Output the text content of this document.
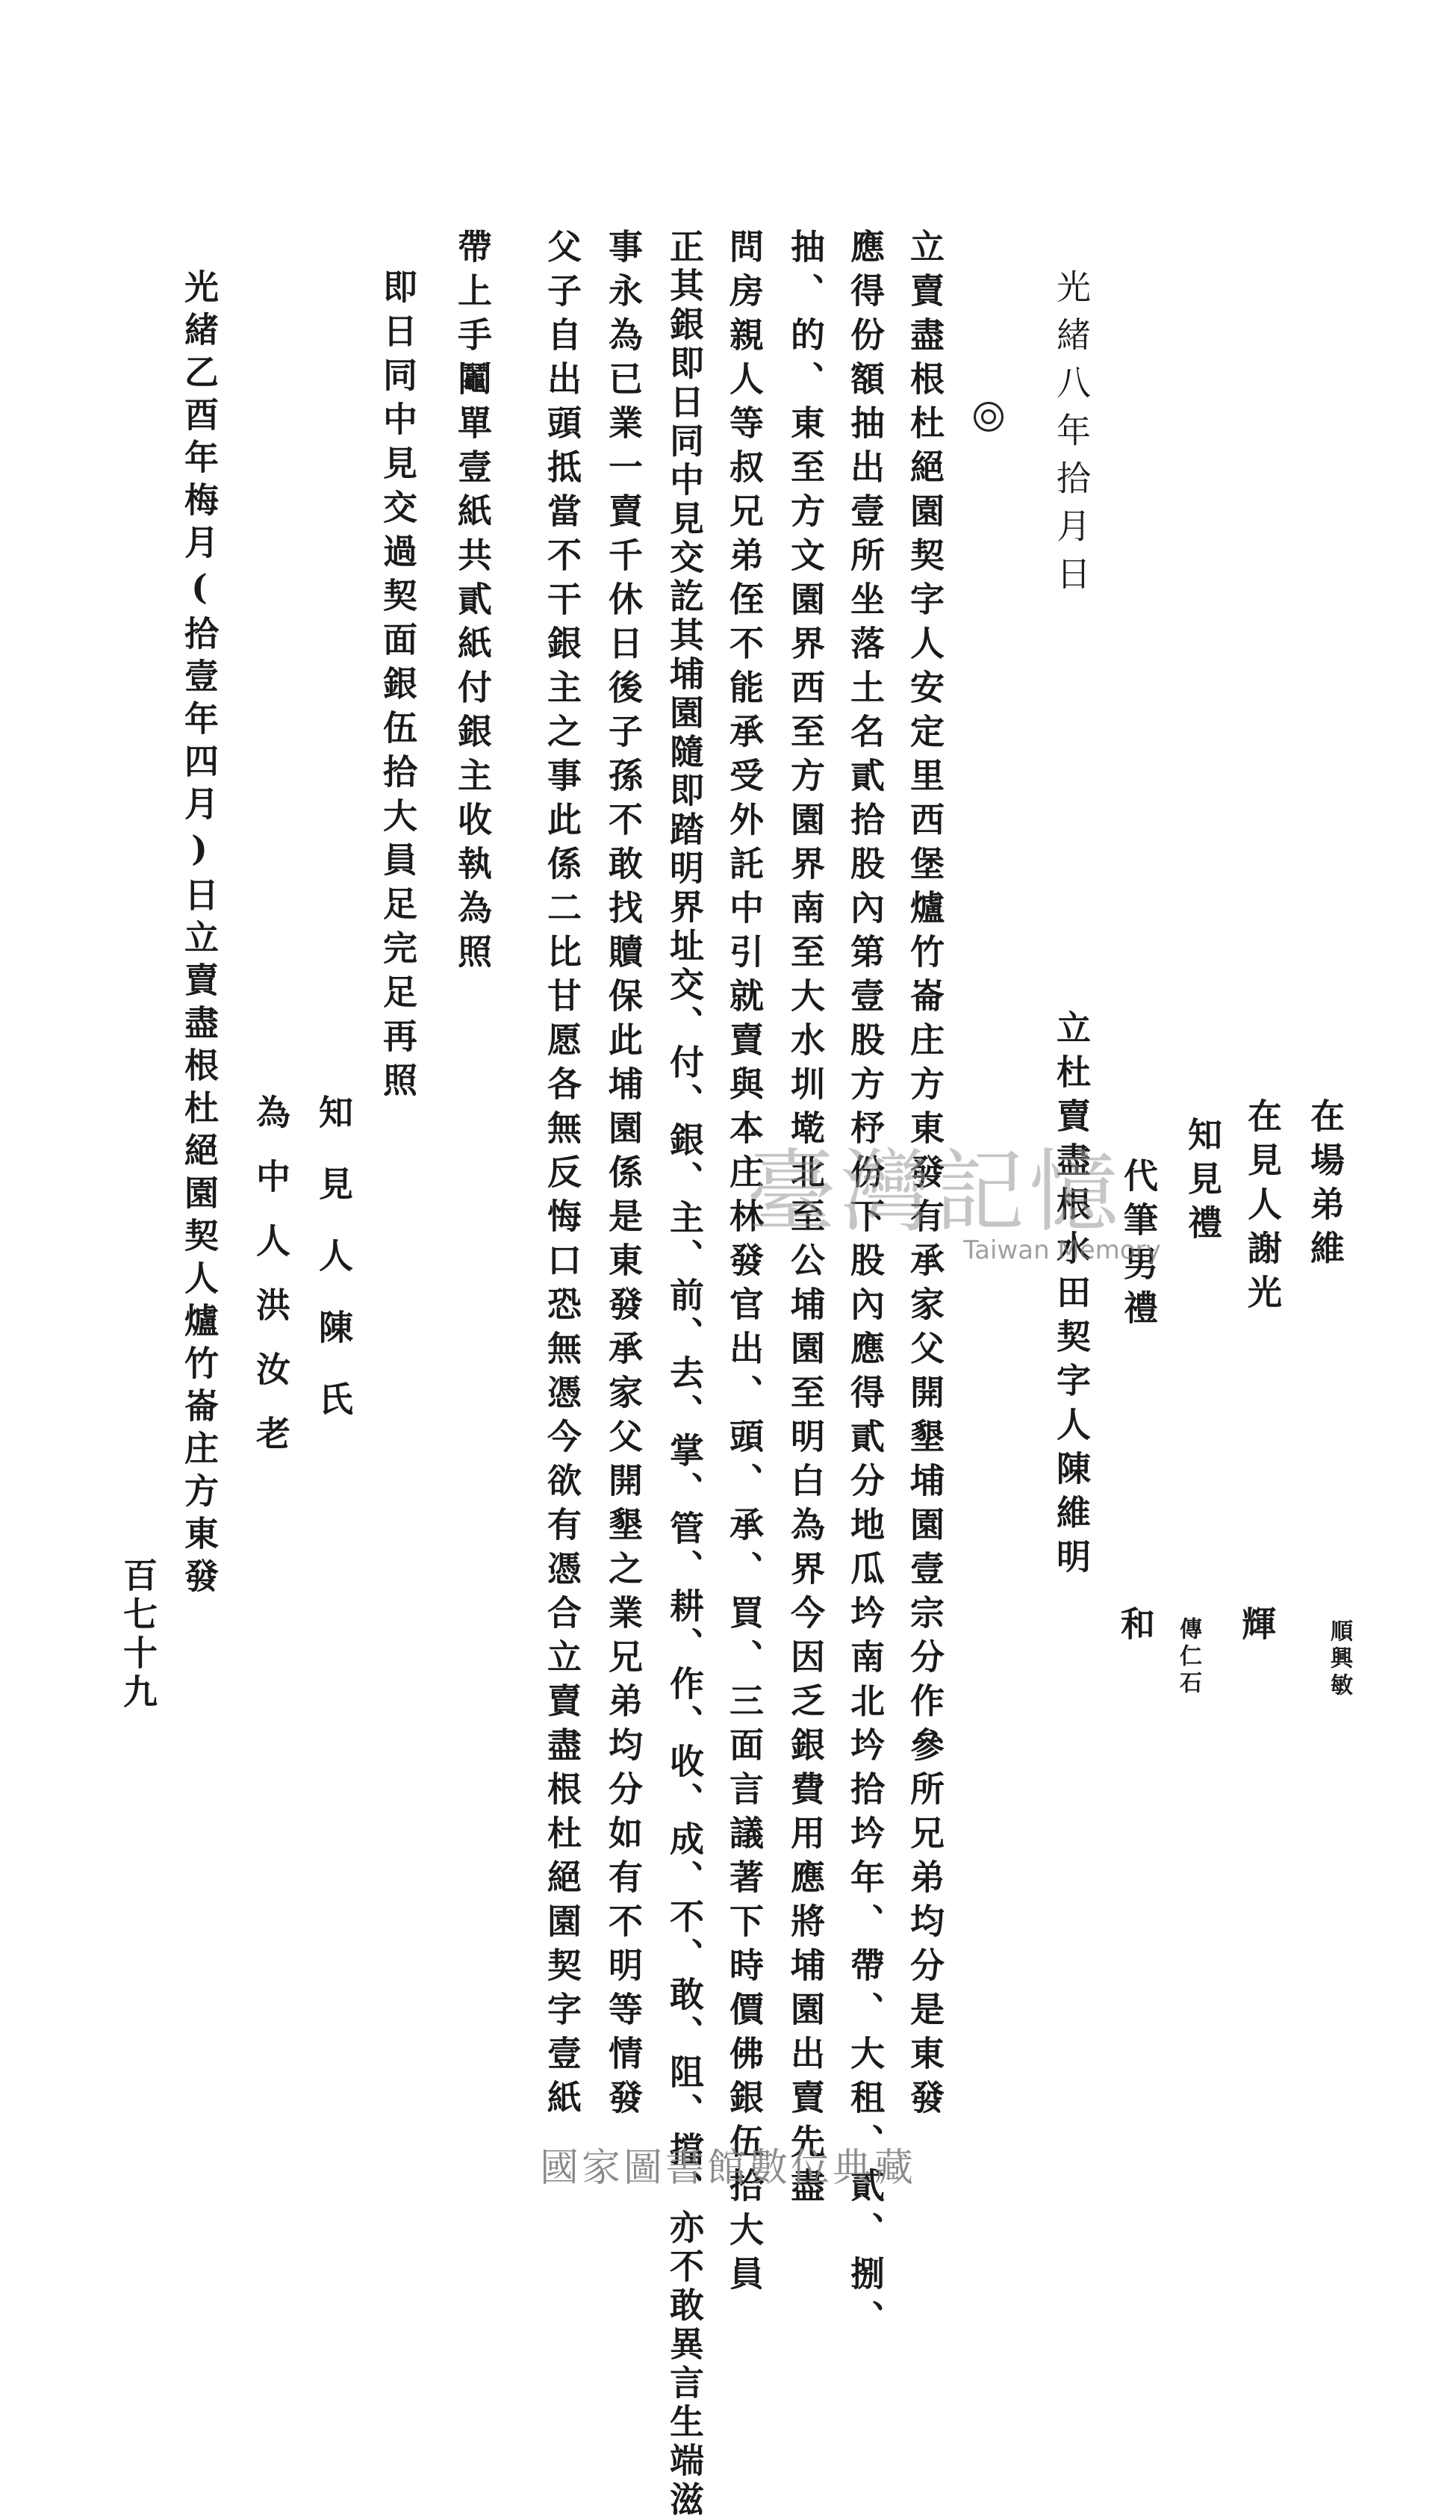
在場弟維
在見人謝光
知見禮
代筆男禮
立杜賣盡根水田契字人陳維明
順興敏
輝
傳仁石
和
光緒八年拾月日
立賣盡根杜絕園契字人安定里西堡爐竹崙庄方東發有承家父開墾埔園壹宗分作參所兄弟均分是東發
應得份額抽出壹所坐落土名貳拾股內第壹股方杼份下股內應得貳分地瓜坅南北坅拾坅年、帶、大租、貳、捌、
抽、的、東至方文園界西至方園界南至大水圳墘北至公埔園至明白為界今因乏銀費用應將埔園出賣先盡
問房親人等叔兄弟侄不能承受外託中引就賣與本庄林發官出、頭、承、買、三面言議著下時價佛銀伍拾大員
正其銀即日同中見交訖其埔園隨即踏明界址交、付、銀、主、前、去、掌、管、耕、作、收、成、不、敢、阻、擋、亦不敢異言生端滋
事永為已業一賣千休日後子孫不敢找贖保此埔園係是東發承家父開墾之業兄弟均分如有不明等情發
父子自出頭抵當不干銀主之事此係二比甘愿各無反悔口恐無憑今欲有憑合立賣盡根杜絕園契字壹紙
帶上手鬮單壹紙共貳紙付銀主收執為照
即日同中見交過契面銀伍拾大員足完足再照
知見人陳氏
為中人洪汝老
光緒乙酉年梅月(拾壹年四月)日立賣盡根杜絕園契人爐竹崙庄方東發
百七十九
臺灣記憶
Taiwan Memory
國家圖書館數位典藏
